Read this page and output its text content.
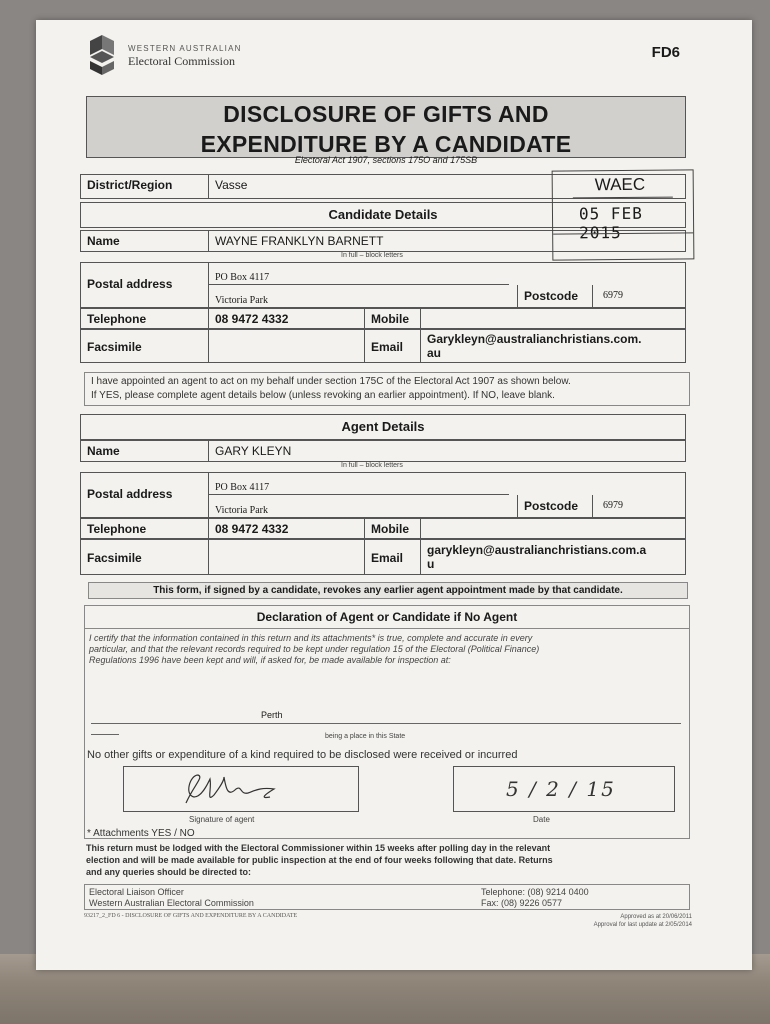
WESTERN AUSTRALIAN
Electoral Commission	FD6
DISCLOSURE OF GIFTS AND
EXPENDITURE BY A CANDIDATE
Electoral Act 1907, sections 175O and 175SB
District/Region	Vasse
Candidate Details
Name	WAYNE FRANKLYN BARNETT
In full – block letters
Postal address	PO Box 4117
Victoria Park	Postcode	6979
Telephone	08 9472 4332	Mobile
Facsimile	Email
Garykleyn@australianchristians.com.
au
I have appointed an agent to act on my behalf under section 175C of the Electoral Act 1907 as shown below.
If YES, please complete agent details below (unless revoking an earlier appointment). If NO, leave blank.
Agent Details
Name	GARY KLEYN
In full – block letters
Postal address	PO Box 4117
Victoria Park	Postcode	6979
Telephone	08 9472 4332	Mobile
Facsimile	Email
garykleyn@australianchristians.com.a
u
This form, if signed by a candidate, revokes any earlier agent appointment made by that candidate.
Declaration of Agent or Candidate if No Agent
I certify that the information contained in this return and its attachments* is true, complete and accurate in every
particular, and that the relevant records required to be kept under regulation 15 of the Electoral (Political Finance)
Regulations 1996 have been kept and will, if asked for, be made available for inspection at:
Perth
being a place in this State
No other gifts or expenditure of a kind required to be disclosed were received or incurred
Signature of agent
5 / 2 / 15
Date
* Attachments YES / NO
This return must be lodged with the Electoral Commissioner within 15 weeks after polling day in the relevant
election and will be made available for public inspection at the end of four weeks following that date. Returns
and any queries should be directed to:
Electoral Liaison Officer
Western Australian Electoral Commission
Telephone: (08) 9214 0400
Fax: (08) 9226 0577
93217_2_FD 6 - DISCLOSURE OF GIFTS AND EXPENDITURE BY A CANDIDATE	Approved as at 20/06/2011
Approval for last update at 2/05/2014
WAEC
05 FEB 2015
